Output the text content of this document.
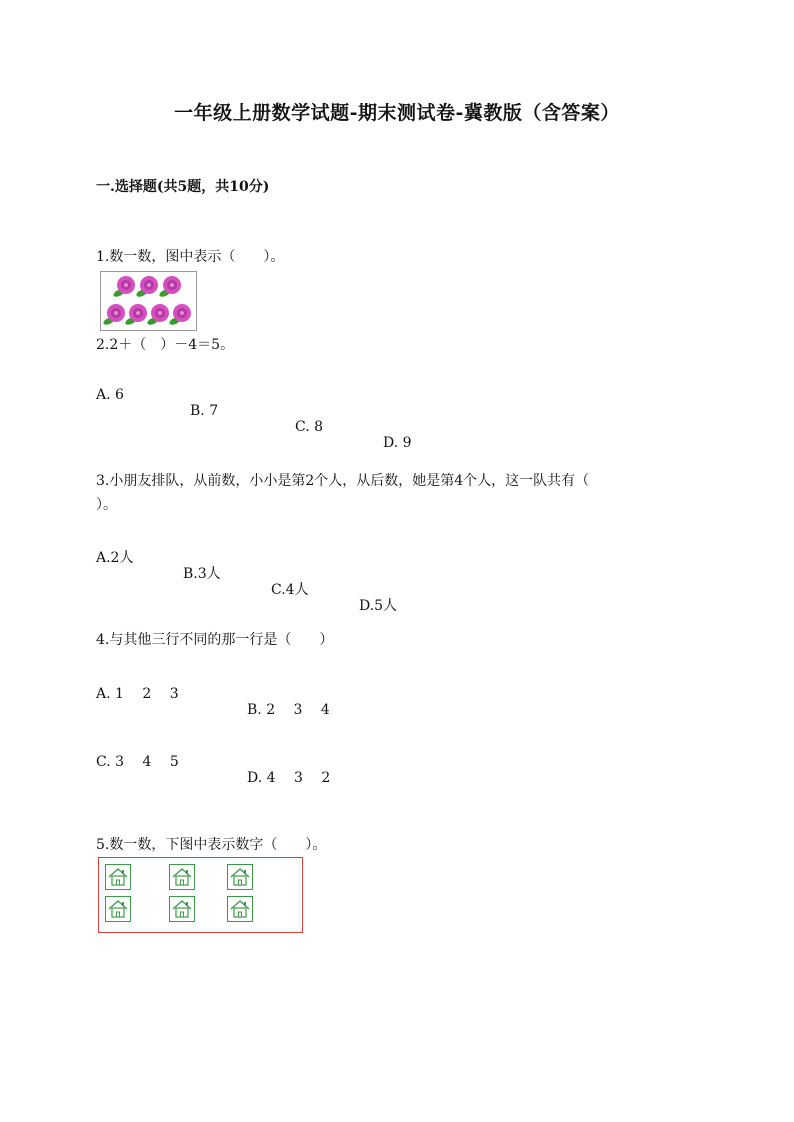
一年级上册数学试题-期末测试卷-冀教版（含答案）
一.选择题(共5题，共10分)
1.数一数，图中表示（　　）。
2.2＋（　）－4＝5。

A. 6

B. 7

C. 8

D. 9

3.小朋友排队，从前数，小小是第2个人，从后数，她是第4个人，这一队共有（
）。

A.2人

B.3人

C.4人

D.5人

4.与其他三行不同的那一行是（　　）

A. 1　 2　 3

B. 2　 3　 4

C. 3　 4　 5

D. 4　 3　 2

5.数一数，下图中表示数字（　　）。
